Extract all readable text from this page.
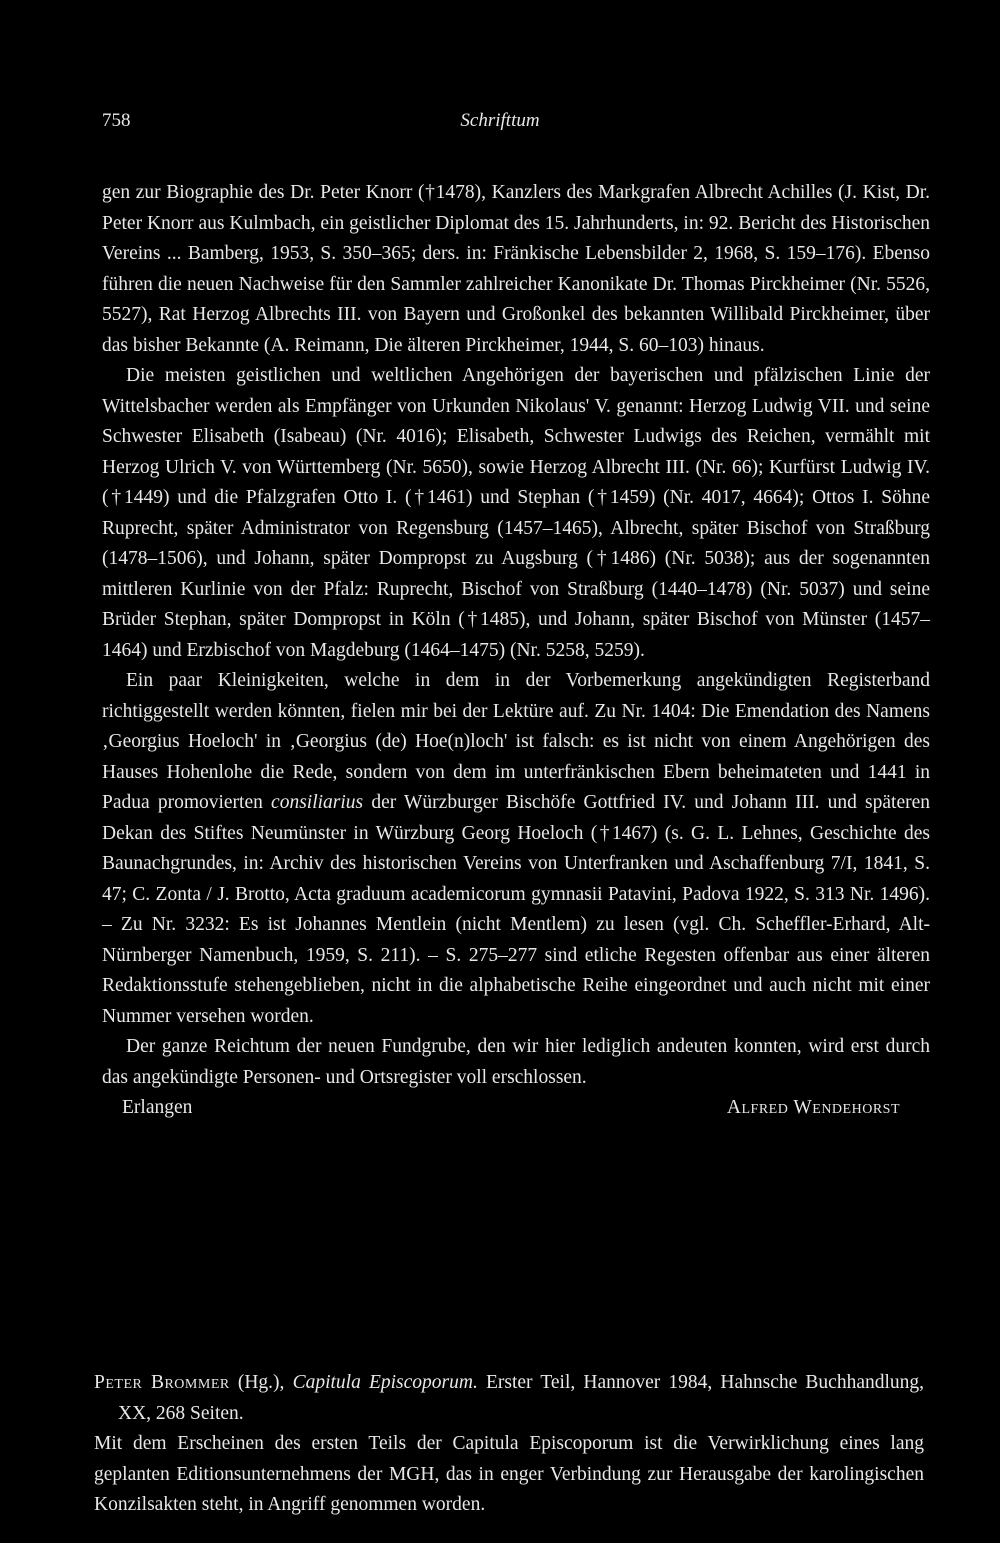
758	Schrifttum

gen zur Biographie des Dr. Peter Knorr (†1478), Kanzlers des Markgrafen Albrecht Achilles (J. Kist, Dr. Peter Knorr aus Kulmbach, ein geistlicher Diplomat des 15. Jahrhunderts, in: 92. Bericht des Historischen Vereins ... Bamberg, 1953, S. 350–365; ders. in: Fränkische Lebensbilder 2, 1968, S. 159–176). Ebenso führen die neuen Nachweise für den Sammler zahlreicher Kanonikate Dr. Thomas Pirckheimer (Nr. 5526, 5527), Rat Herzog Albrechts III. von Bayern und Großonkel des bekannten Willibald Pirckheimer, über das bisher Bekannte (A. Reimann, Die älteren Pirckheimer, 1944, S. 60–103) hinaus.

Die meisten geistlichen und weltlichen Angehörigen der bayerischen und pfälzischen Linie der Wittelsbacher werden als Empfänger von Urkunden Nikolaus' V. genannt: Herzog Ludwig VII. und seine Schwester Elisabeth (Isabeau) (Nr. 4016); Elisabeth, Schwester Ludwigs des Reichen, vermählt mit Herzog Ulrich V. von Württemberg (Nr. 5650), sowie Herzog Albrecht III. (Nr. 66); Kurfürst Ludwig IV. (†1449) und die Pfalzgrafen Otto I. (†1461) und Stephan (†1459) (Nr. 4017, 4664); Ottos I. Söhne Ruprecht, später Administrator von Regensburg (1457–1465), Albrecht, später Bischof von Straßburg (1478–1506), und Johann, später Dompropst zu Augsburg (†1486) (Nr. 5038); aus der sogenannten mittleren Kurlinie von der Pfalz: Ruprecht, Bischof von Straßburg (1440–1478) (Nr. 5037) und seine Brüder Stephan, später Dompropst in Köln (†1485), und Johann, später Bischof von Münster (1457–1464) und Erzbischof von Magdeburg (1464–1475) (Nr. 5258, 5259).

Ein paar Kleinigkeiten, welche in dem in der Vorbemerkung angekündigten Registerband richtiggestellt werden könnten, fielen mir bei der Lektüre auf. Zu Nr. 1404: Die Emendation des Namens ‚Georgius Hoeloch' in ‚Georgius (de) Hoe(n)loch' ist falsch: es ist nicht von einem Angehörigen des Hauses Hohenlohe die Rede, sondern von dem im unterfränkischen Ebern beheimateten und 1441 in Padua promovierten consiliarius der Würzburger Bischöfe Gottfried IV. und Johann III. und späteren Dekan des Stiftes Neumünster in Würzburg Georg Hoeloch (†1467) (s. G. L. Lehnes, Geschichte des Baunachgrundes, in: Archiv des historischen Vereins von Unterfranken und Aschaffenburg 7/I, 1841, S. 47; C. Zonta / J. Brotto, Acta graduum academicorum gymnasii Patavini, Padova 1922, S. 313 Nr. 1496). – Zu Nr. 3232: Es ist Johannes Mentlein (nicht Mentlem) zu lesen (vgl. Ch. Scheffler-Erhard, Alt-Nürnberger Namenbuch, 1959, S. 211). – S. 275–277 sind etliche Regesten offenbar aus einer älteren Redaktionsstufe stehengeblieben, nicht in die alphabetische Reihe eingeordnet und auch nicht mit einer Nummer versehen worden.

Der ganze Reichtum der neuen Fundgrube, den wir hier lediglich andeuten konnten, wird erst durch das angekündigte Personen- und Ortsregister voll erschlossen.

Erlangen	Alfred Wendehorst

Peter Brommer (Hg.), Capitula Episcoporum. Erster Teil, Hannover 1984, Hahnsche Buchhandlung, XX, 268 Seiten.

Mit dem Erscheinen des ersten Teils der Capitula Episcoporum ist die Verwirklichung eines lang geplanten Editionsunternehmens der MGH, das in enger Verbindung zur Herausgabe der karolingischen Konzilsakten steht, in Angriff genommen worden.
